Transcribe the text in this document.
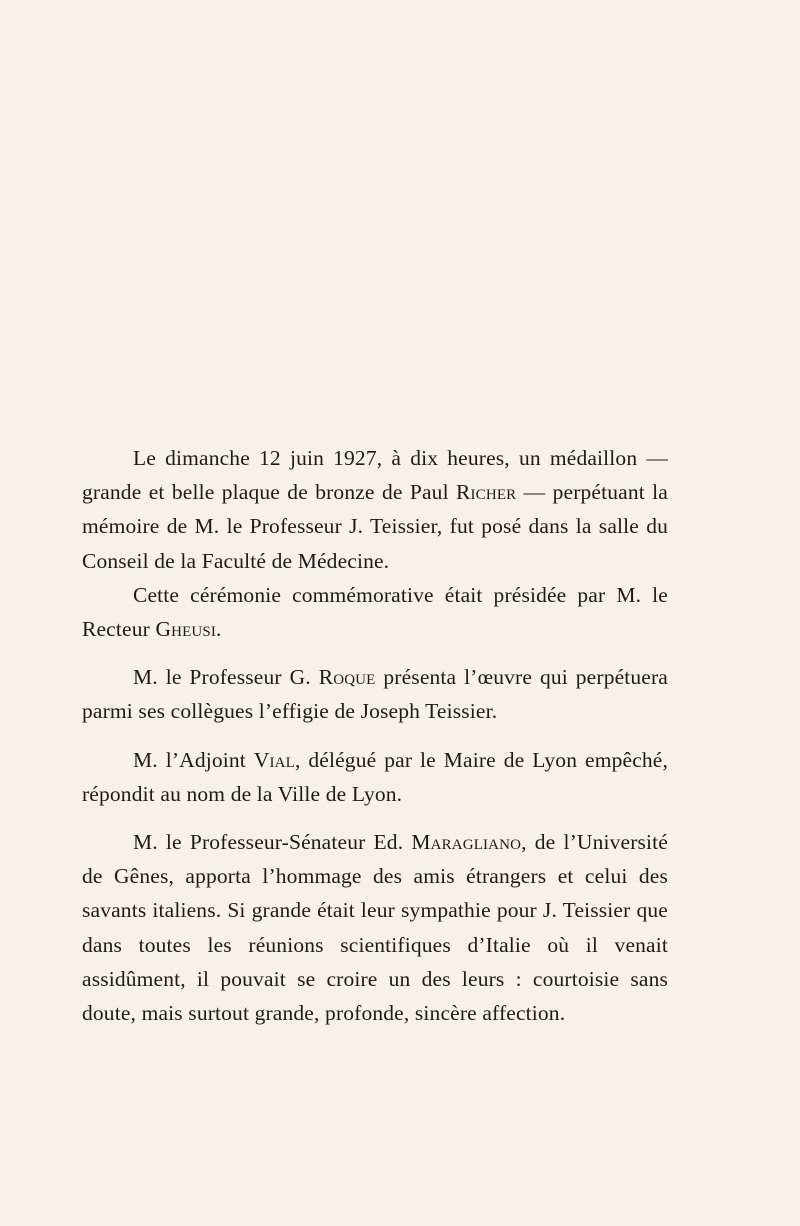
Le dimanche 12 juin 1927, à dix heures, un médaillon — grande et belle plaque de bronze de Paul Richer — perpétuant la mémoire de M. le Professeur J. Teissier, fut posé dans la salle du Conseil de la Faculté de Médecine.

Cette cérémonie commémorative était présidée par M. le Recteur Gheusi.

M. le Professeur G. Roque présenta l’œuvre qui perpétuera parmi ses collègues l’effigie de Joseph Teissier.

M. l’Adjoint Vial, délégué par le Maire de Lyon empêché, répondit au nom de la Ville de Lyon.

M. le Professeur-Sénateur Ed. Maragliano, de l’Université de Gênes, apporta l’hommage des amis étrangers et celui des savants italiens. Si grande était leur sympathie pour J. Teissier que dans toutes les réunions scientifiques d’Italie où il venait assidûment, il pouvait se croire un des leurs : courtoisie sans doute, mais surtout grande, profonde, sincère affection.
